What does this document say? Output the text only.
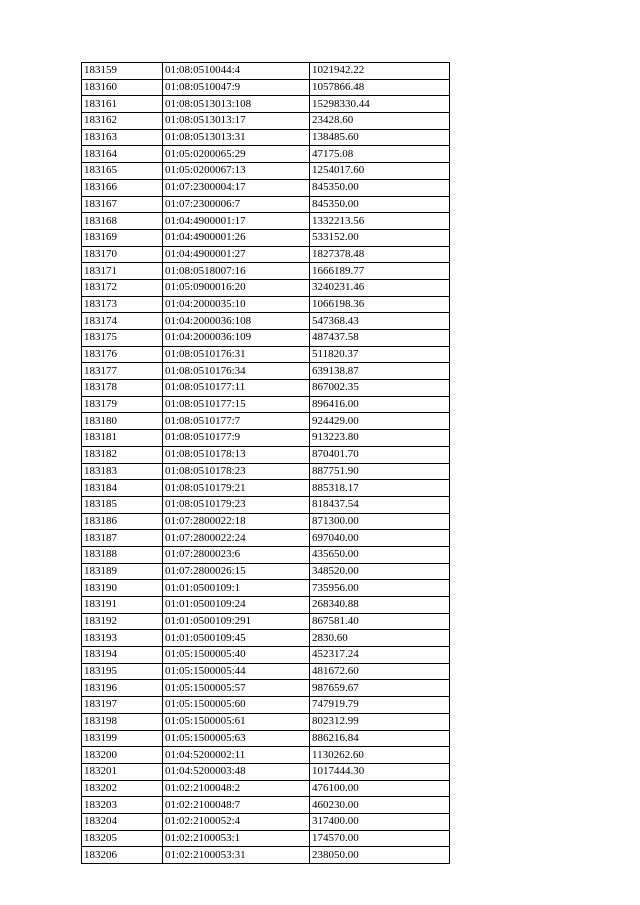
183159	01:08:0510044:4	1021942.22
183160	01:08:0510047:9	1057866.48
183161	01:08:0513013:108	15298330.44
183162	01:08:0513013:17	23428.60
183163	01:08:0513013:31	138485.60
183164	01:05:0200065:29	47175.08
183165	01:05:0200067:13	1254017.60
183166	01:07:2300004:17	845350.00
183167	01:07:2300006:7	845350.00
183168	01:04:4900001:17	1332213.56
183169	01:04:4900001:26	533152.00
183170	01:04:4900001:27	1827378.48
183171	01:08:0518007:16	1666189.77
183172	01:05:0900016:20	3240231.46
183173	01:04:2000035:10	1066198.36
183174	01:04:2000036:108	547368.43
183175	01:04:2000036:109	487437.58
183176	01:08:0510176:31	511820.37
183177	01:08:0510176:34	639138.87
183178	01:08:0510177:11	867002.35
183179	01:08:0510177:15	896416.00
183180	01:08:0510177:7	924429.00
183181	01:08:0510177:9	913223.80
183182	01:08:0510178:13	870401.70
183183	01:08:0510178:23	887751.90
183184	01:08:0510179:21	885318.17
183185	01:08:0510179:23	818437.54
183186	01:07:2800022:18	871300.00
183187	01:07:2800022:24	697040.00
183188	01:07:2800023:6	435650.00
183189	01:07:2800026:15	348520.00
183190	01:01:0500109:1	735956.00
183191	01:01:0500109:24	268340.88
183192	01:01:0500109:291	867581.40
183193	01:01:0500109:45	2830.60
183194	01:05:1500005:40	452317.24
183195	01:05:1500005:44	481672.60
183196	01:05:1500005:57	987659.67
183197	01:05:1500005:60	747919.79
183198	01:05:1500005:61	802312.99
183199	01:05:1500005:63	886216.84
183200	01:04:5200002:11	1130262.60
183201	01:04:5200003:48	1017444.30
183202	01:02:2100048:2	476100.00
183203	01:02:2100048:7	460230.00
183204	01:02:2100052:4	317400.00
183205	01:02:2100053:1	174570.00
183206	01:02:2100053:31	238050.00
